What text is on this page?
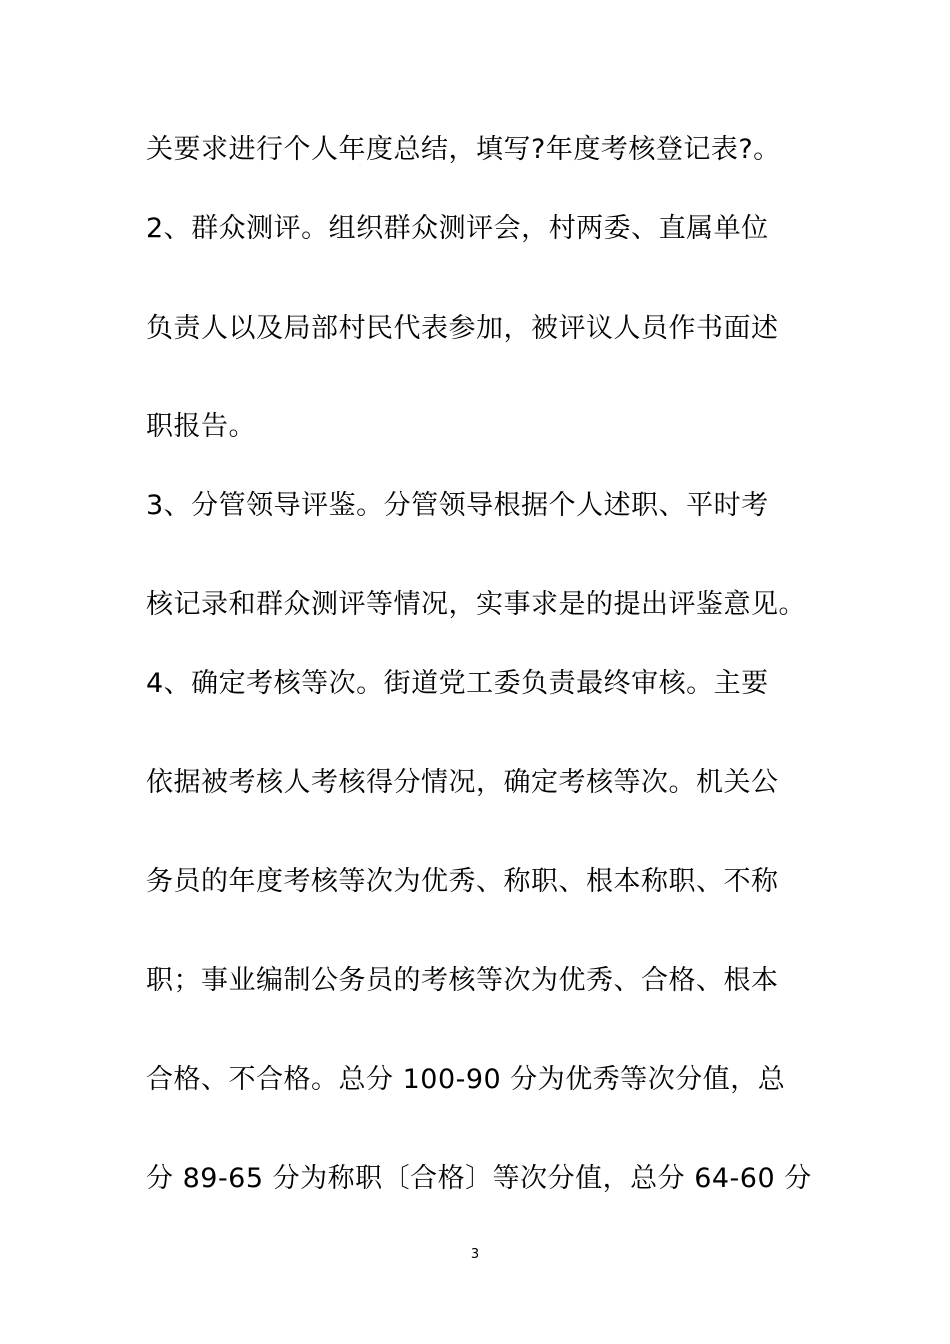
关要求进行个人年度总结，填写?年度考核登记表?。
2、群众测评。组织群众测评会，村两委、直属单位
负责人以及局部村民代表参加，被评议人员作书面述
职报告。
3、分管领导评鉴。分管领导根据个人述职、平时考
核记录和群众测评等情况，实事求是的提出评鉴意见。
4、确定考核等次。街道党工委负责最终审核。主要
依据被考核人考核得分情况，确定考核等次。机关公
务员的年度考核等次为优秀、称职、根本称职、不称
职；事业编制公务员的考核等次为优秀、合格、根本
合格、不合格。总分 100-90 分为优秀等次分值，总
分 89-65 分为称职〔合格〕等次分值，总分 64-60 分
3
